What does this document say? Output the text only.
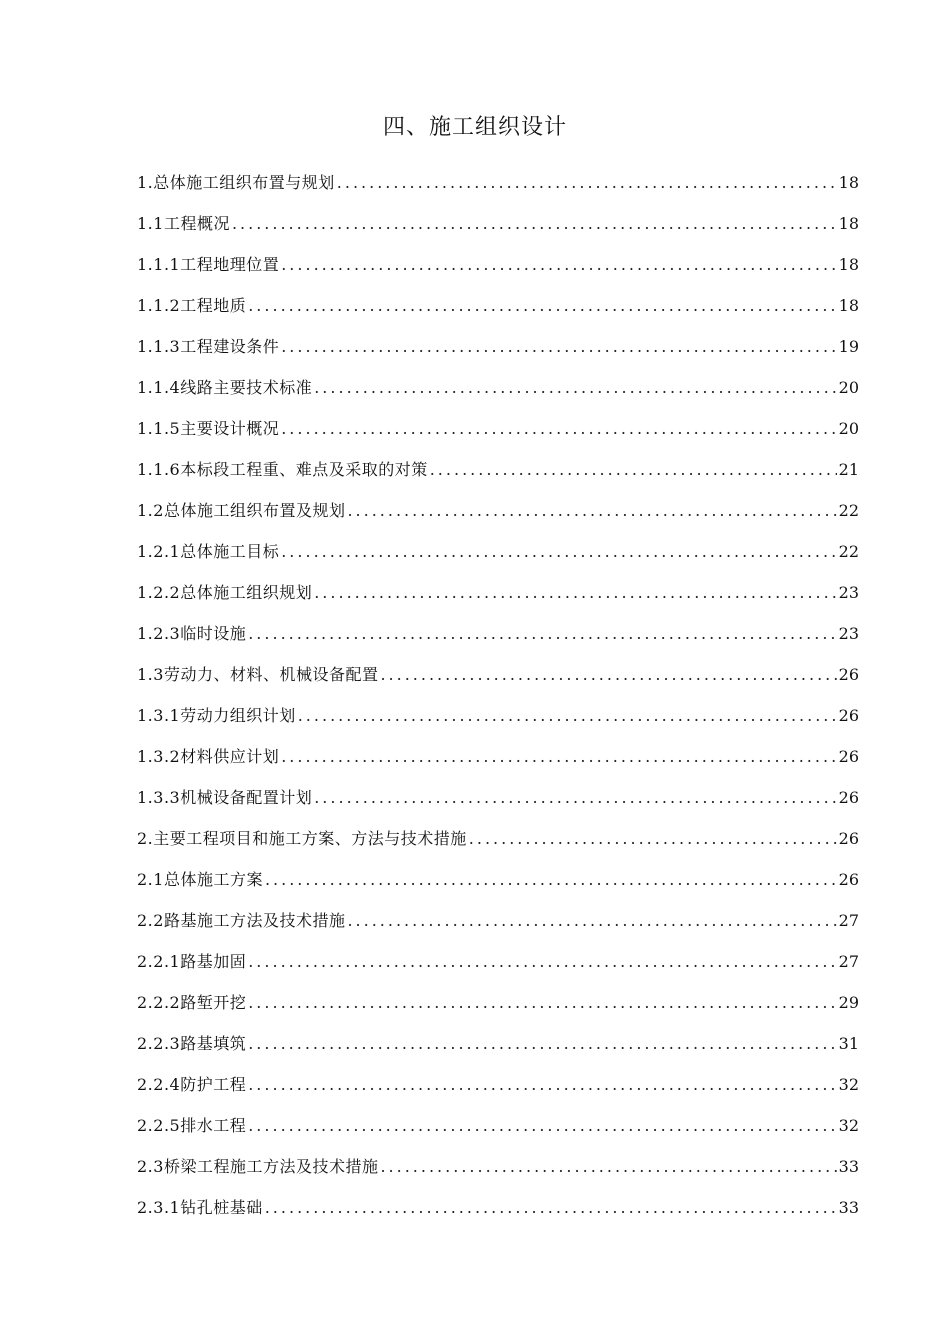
四、施工组织设计
1.总体施工组织布置与规划 .....	18
1.1工程概况 .....	18
1.1.1工程地理位置 .....	18
1.1.2工程地质 .....	18
1.1.3工程建设条件 .....	19
1.1.4线路主要技术标准 .....	20
1.1.5主要设计概况 .....	20
1.1.6本标段工程重、难点及采取的对策 .....	21
1.2总体施工组织布置及规划 .....	22
1.2.1总体施工目标 .....	22
1.2.2总体施工组织规划 .....	23
1.2.3临时设施 .....	23
1.3劳动力、材料、机械设备配置 .....	26
1.3.1劳动力组织计划 .....	26
1.3.2材料供应计划 .....	26
1.3.3机械设备配置计划 .....	26
2.主要工程项目和施工方案、方法与技术措施 .....	26
2.1总体施工方案 .....	26
2.2路基施工方法及技术措施 .....	27
2.2.1路基加固 .....	27
2.2.2路堑开挖 .....	29
2.2.3路基填筑 .....	31
2.2.4防护工程 .....	32
2.2.5排水工程 .....	32
2.3桥梁工程施工方法及技术措施 .....	33
2.3.1钻孔桩基础 .....	33
